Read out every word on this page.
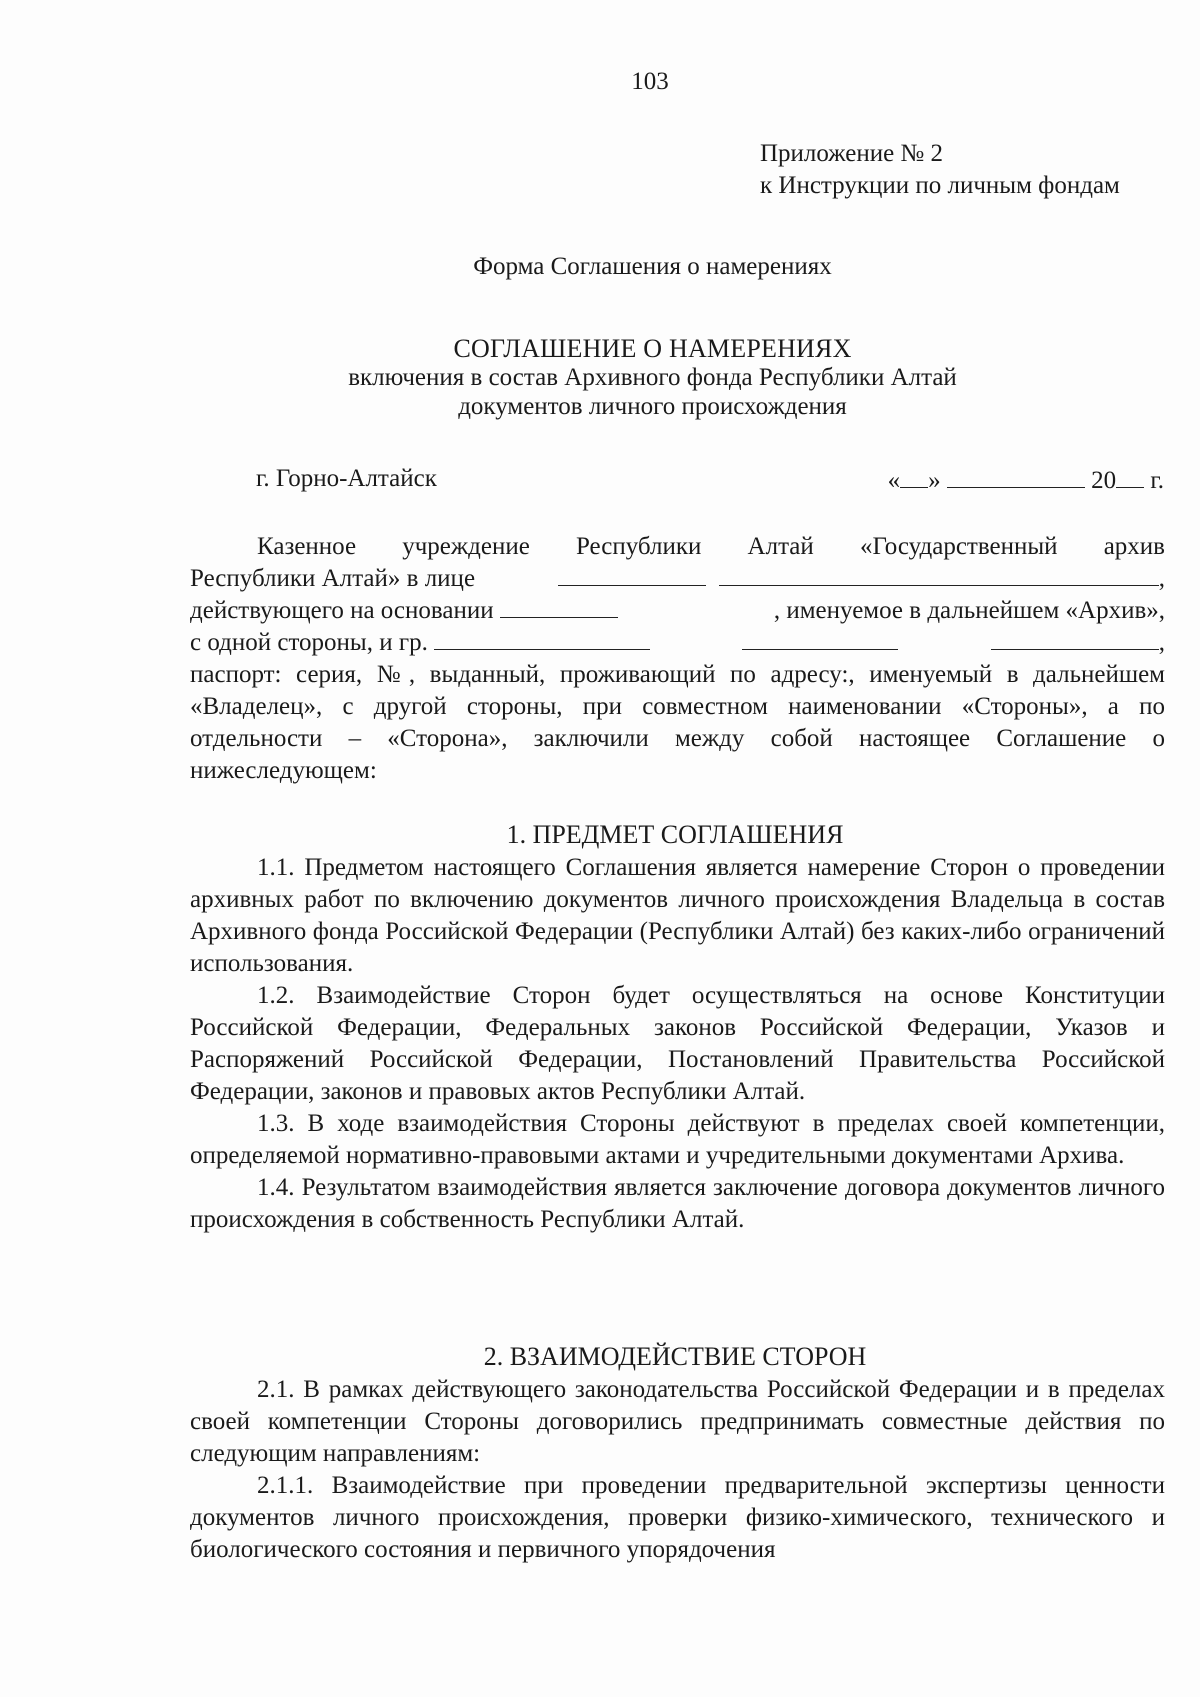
103
Приложение № 2
к Инструкции по личным фондам
Форма Соглашения о намерениях
СОГЛАШЕНИЕ О НАМЕРЕНИЯХ
включения в состав Архивного фонда Республики Алтай
документов личного происхождения
г. Горно-Алтайск	« »	20 г.
Казенное учреждение Республики Алтай «Государственный архив
Республики Алтай» в лице	,
действующего на основании	, именуемое в дальнейшем «Архив»,
с одной стороны, и гр.	,

паспорт: серия, №, выданный, проживающий по адресу:, именуемый в дальнейшем «Владелец», с другой стороны, при совместном наименовании «Стороны», а по отдельности – «Сторона», заключили между собой настоящее Соглашение о нижеследующем:

1. ПРЕДМЕТ СОГЛАШЕНИЯ

1.1. Предметом настоящего Соглашения является намерение Сторон о проведении архивных работ по включению документов личного происхождения Владельца в состав Архивного фонда Российской Федерации (Республики Алтай) без каких-либо ограничений использования.

1.2. Взаимодействие Сторон будет осуществляться на основе Конституции Российской Федерации, Федеральных законов Российской Федерации, Указов и Распоряжений Российской Федерации, Постановлений Правительства Российской Федерации, законов и правовых актов Республики Алтай.

1.3. В ходе взаимодействия Стороны действуют в пределах своей компетенции, определяемой нормативно-правовыми актами и учредительными документами Архива.

1.4. Результатом взаимодействия является заключение договора документов личного происхождения в собственность Республики Алтай.

2. ВЗАИМОДЕЙСТВИЕ СТОРОН

2.1. В рамках действующего законодательства Российской Федерации и в пределах своей компетенции Стороны договорились предпринимать совместные действия по следующим направлениям:

2.1.1. Взаимодействие при проведении предварительной экспертизы ценности документов личного происхождения, проверки физико-химического, технического и биологического состояния и первичного упорядочения
